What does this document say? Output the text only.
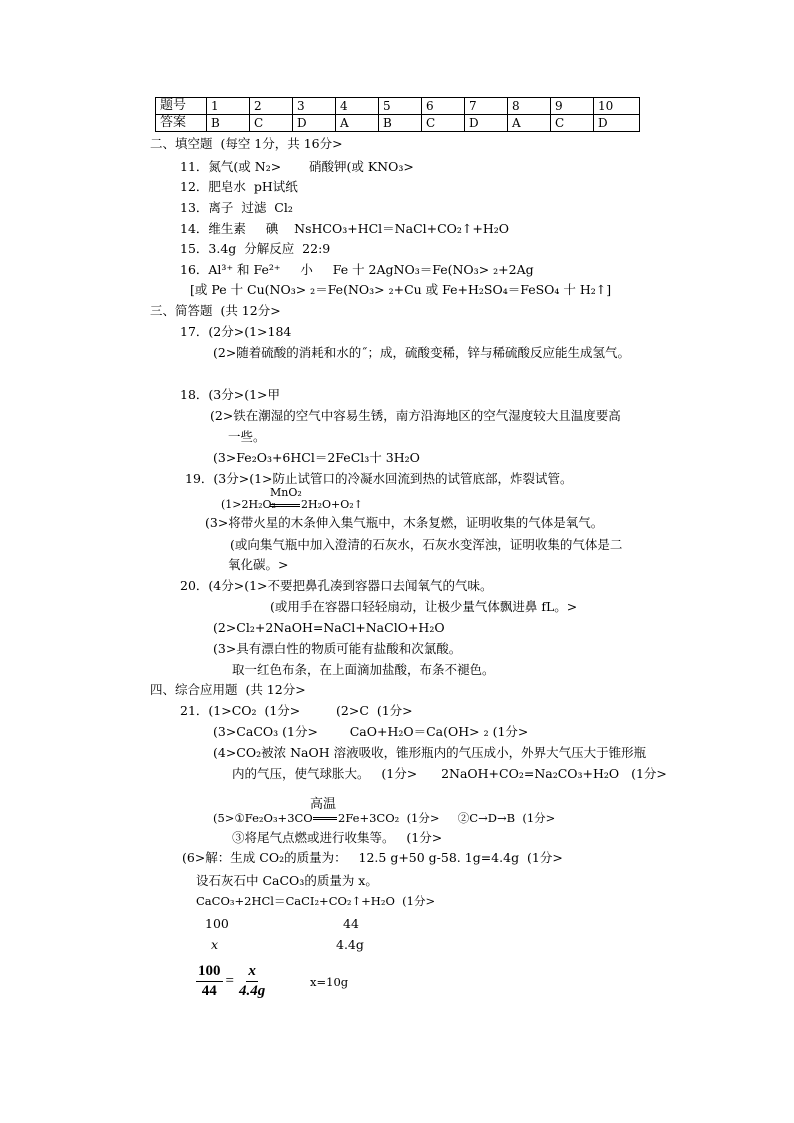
题号	1	2	3	4	5	6	7	8	9	10
答案	B	C	D	A	B	C	D	A	C	D
二、填空题  (每空 1分，共 16分>
11．氮气(或 N₂>       硝酸钾(或 KNO₃>
12．肥皂水  pH试纸
13．离子  过滤  Cl₂
14．维生素     碘    NsHCO₃+HCl＝NaCl+CO₂↑+H₂O
15．3.4g  分解反应  22:9
16．Al³⁺ 和 Fe²⁺     小     Fe 十 2AgNO₃＝Fe(NO₃> ₂+2Ag
[或 Pe 十 Cu(NO₃> ₂＝Fe(NO₃> ₂+Cu 或 Fe+H₂SO₄＝FeSO₄ 十 H₂↑]
三、简答题  (共 12分>
17．(2分>(1>184
(2>随着硫酸的消耗和水的˝；成，硫酸变稀，锌与稀硫酸反应能生成氢气。
18．(3分>(1>甲
(2>铁在潮湿的空气中容易生锈，南方沿海地区的空气湿度较大且温度要高
一些。
(3>Fe₂O₃+6HCl＝2FeCl₃十 3H₂O
19．(3分>(1>防止试管口的冷凝水回流到热的试管底部，炸裂试管。
(1>2H₂O₂
MnO₂
2H₂O+O₂↑
(3>将带火星的木条伸入集气瓶中，木条复燃，证明收集的气体是氧气。
(或向集气瓶中加入澄清的石灰水，石灰水变浑浊，证明收集的气体是二
氧化碳。>
20．(4分>(1>不要把鼻孔凑到容器口去闻氧气的气味。
(或用手在容器口轻轻扇动，让极少量气体飘进鼻 fL。>
(2>Cl₂+2NaOH=NaCl+NaClO+H₂O
(3>具有漂白性的物质可能有盐酸和次氯酸。
取一红色布条，在上面滴加盐酸，布条不褪色。
四、综合应用题  (共 12分>
21．(1>CO₂  (1分>         (2>C  (1分>
(3>CaCO₃ (1分>        CaO+H₂O＝Ca(OH> ₂ (1分>
(4>CO₂被浓 NaOH 溶液吸收，锥形瓶内的气压成小，外界大气压大于锥形瓶
内的气压，使气球胀大。   (1分>      2NaOH+CO₂=Na₂CO₃+H₂O   (1分>
(5>①Fe₂O₃+3CO
高温
2Fe+3CO₂  (1分>     ②C→D→B  (1分>
③将尾气点燃或进行收集等。   (1分>
(6>解：生成 CO₂的质量为：   12.5 g+50 g-58. 1g=4.4g  (1分>
设石灰石中 CaCO₃的质量为 x。
CaCO₃+2HCl＝CaCI₂+CO₂↑+H₂O  (1分>
100	44
x	4.4g
$\frac{100}{44} = \frac{x}{4.4g}$	x=10g
